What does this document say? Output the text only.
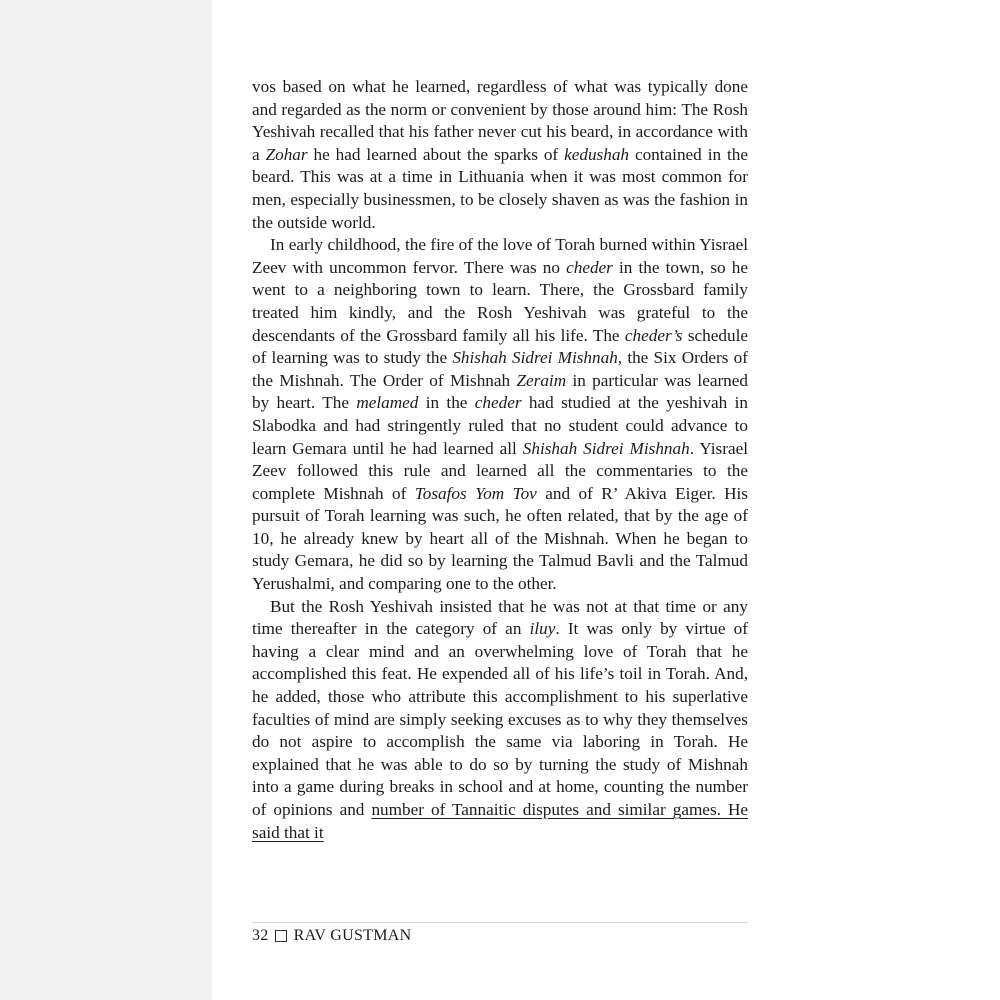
vos based on what he learned, regardless of what was typically done and regarded as the norm or convenient by those around him: The Rosh Yeshivah recalled that his father never cut his beard, in accordance with a Zohar he had learned about the sparks of kedushah contained in the beard. This was at a time in Lithuania when it was most common for men, especially businessmen, to be closely shaven as was the fashion in the outside world.

In early childhood, the fire of the love of Torah burned within Yisrael Zeev with uncommon fervor. There was no cheder in the town, so he went to a neighboring town to learn. There, the Grossbard family treated him kindly, and the Rosh Yeshivah was grateful to the descendants of the Grossbard family all his life. The cheder’s schedule of learning was to study the Shishah Sidrei Mishnah, the Six Orders of the Mishnah. The Order of Mishnah Zeraim in particular was learned by heart. The melamed in the cheder had studied at the yeshivah in Slabodka and had stringently ruled that no student could advance to learn Gemara until he had learned all Shishah Sidrei Mishnah. Yisrael Zeev followed this rule and learned all the commentaries to the complete Mishnah of Tosafos Yom Tov and of R’ Akiva Eiger. His pursuit of Torah learning was such, he often related, that by the age of 10, he already knew by heart all of the Mishnah. When he began to study Gemara, he did so by learning the Talmud Bavli and the Talmud Yerushalmi, and comparing one to the other.

But the Rosh Yeshivah insisted that he was not at that time or any time thereafter in the category of an iluy. It was only by virtue of having a clear mind and an overwhelming love of Torah that he accomplished this feat. He expended all of his life’s toil in Torah. And, he added, those who attribute this accomplishment to his superlative faculties of mind are simply seeking excuses as to why they themselves do not aspire to accomplish the same via laboring in Torah. He explained that he was able to do so by turning the study of Mishnah into a game during breaks in school and at home, counting the number of opinions and number of Tannaitic disputes and similar games. He said that it

32 RAV GUSTMAN
